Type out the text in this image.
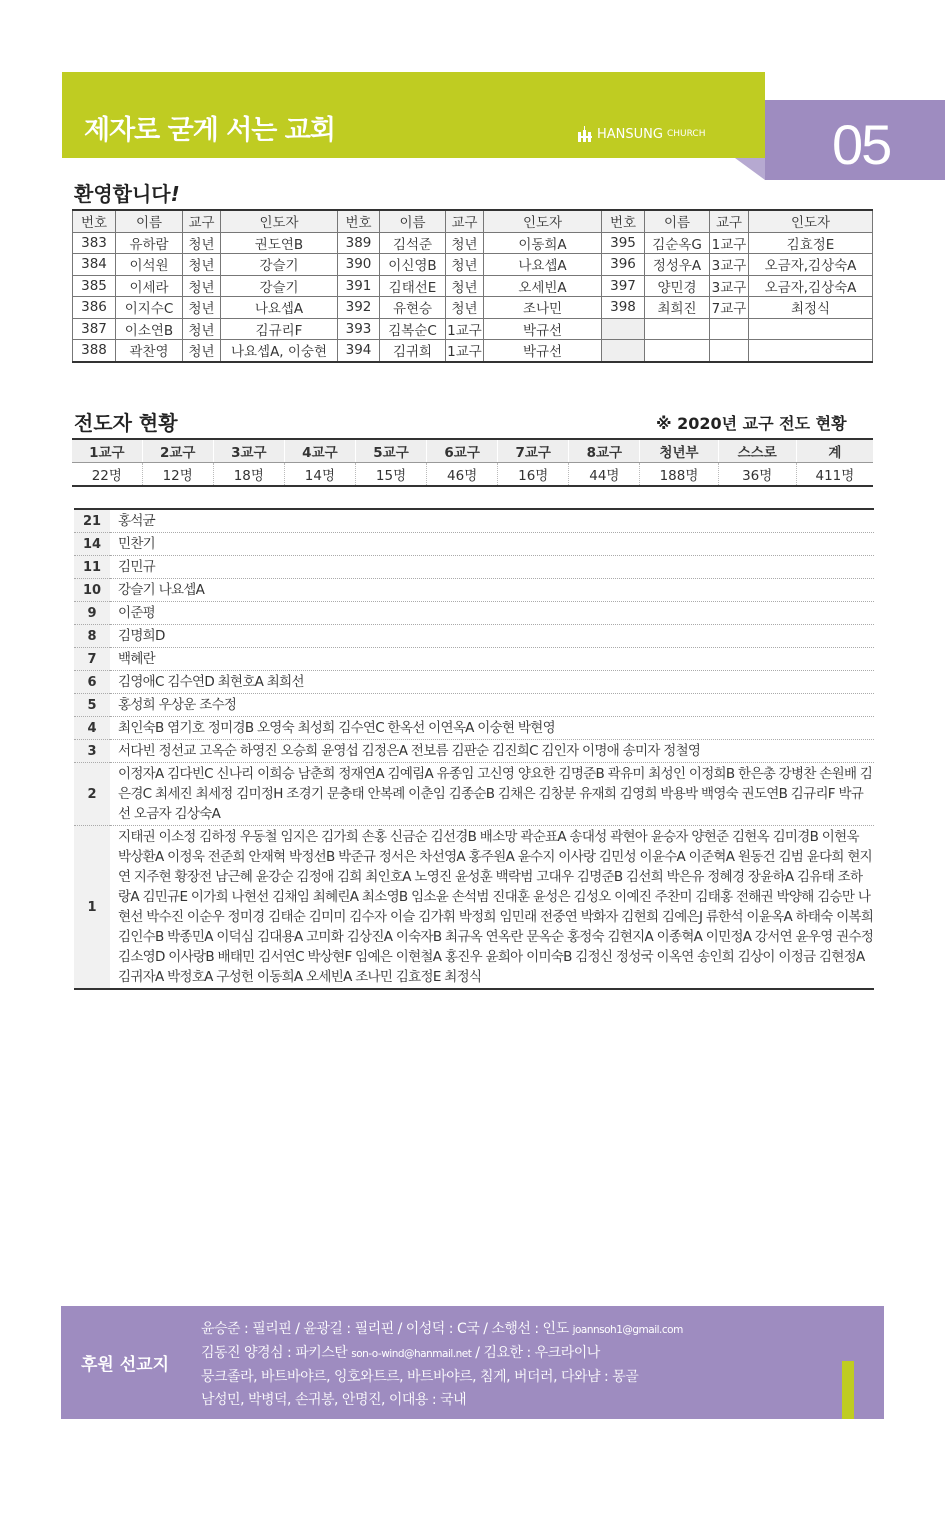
제자로 굳게 서는 교회	HANSUNG CHURCH 05
환영합니다!
번호	이름	교구	인도자	번호	이름	교구	인도자	번호	이름	교구	인도자
383	유하람	청년	권도연B	389	김석준	청년	이동희A	395	김순옥G	1교구	김효정E
384	이석원	청년	강슬기	390	이신영B	청년	나요셉A	396	정성우A	3교구	오금자,김상숙A
385	이세라	청년	강슬기	391	김태선E	청년	오세빈A	397	양민경	3교구	오금자,김상숙A
386	이지수C	청년	나요셉A	392	유현승	청년	조나민	398	최희진	7교구	최정식
387	이소연B	청년	김규리F	393	김복순C	1교구	박규선				
388	곽찬영	청년	나요셉A, 이숭현	394	김귀희	1교구	박규선				
전도자 현황	※ 2020년 교구 전도 현황
1교구	2교구	3교구	4교구	5교구	6교구	7교구	8교구	청년부	스스로	계
22명	12명	18명	14명	15명	46명	16명	44명	188명	36명	411명
21	홍석균
14	민찬기
11	김민규
10	강슬기 나요셉A
9	이준평
8	김명희D
7	백혜란
6	김영애C 김수연D 최현호A 최희선
5	홍성희 우상운 조수정
4	최인숙B 염기호 정미경B 오영숙 최성희 김수연C 한옥선 이연옥A 이숭현 박현영
3	서다빈 정선교 고옥순 하영진 오승희 윤영섭 김정은A 전보름 김판순 김진희C 김인자 이명애 송미자 정철영
2	이정자A 김다빈C 신나리 이희승 남춘희 정재연A 김예림A 유종임 고신영 양요한 김명준B 곽유미 최성인 이정희B 한은총 강병찬 손원배 김은경C 최세진 최세정 김미정H 조경기 문충태 안복례 이춘임 김종순B 김채은 김창분 유재희 김영희 박용박 백영숙 권도연B 김규리F 박규선 오금자 김상숙A
1	지태권 이소정 김하정 우동철 임지은 김가희 손홍 신금순 김선경B 배소망 곽순표A 송대성 곽현아 윤승자 양현준 김현옥 김미경B 이현욱 박상환A 이정욱 전준희 안재혁 박정선B 박준규 정서은 차선영A 홍주원A 윤수지 이사랑 김민성 이윤수A 이준혁A 원동건 김범 윤다희 현지연 지주현 황장전 남근혜 윤강순 김정애 김희 최인호A 노영진 윤성훈 백락범 고대우 김명준B 김선희 박은유 정혜경 장윤하A 김유태 조하랑A 김민규E 이가희 나현선 김채임 최혜린A 최소영B 임소윤 손석범 진대훈 윤성은 김성오 이예진 주찬미 김태홍 전해권 박양해 김승만 나현선 박수진 이순우 정미경 김태순 김미미 김수자 이슬 김가휘 박정희 임민래 전중연 박화자 김현희 김예은J 류한석 이윤옥A 하태숙 이복희 김인수B 박종민A 이덕심 김대용A 고미화 김상진A 이숙자B 최규옥 연옥란 문옥순 홍정숙 김현지A 이종혁A 이민정A 강서연 윤우영 권수정 김소영D 이사랑B 배태민 김서연C 박상현F 임예은 이현철A 홍진우 윤희아 이미숙B 김정신 정성국 이옥연 송인희 김상이 이정금 김현정A 김귀자A 박정호A 구성헌 이동희A 오세빈A 조나민 김효정E 최정식
후원 선교지
윤승준 : 필리핀 / 윤광길 : 필리핀 / 이성덕 : C국 / 소행선 : 인도 joannsoh1@gmail.com
김동진 양경심 : 파키스탄 son-o-wind@hanmail.net / 김요한 : 우크라이나
뭉크졸라, 바트바야르, 잉호와트르, 바트바야르, 침게, 버더러, 다와냠 : 몽골
남성민, 박병덕, 손귀봉, 안명진, 이대용 : 국내
